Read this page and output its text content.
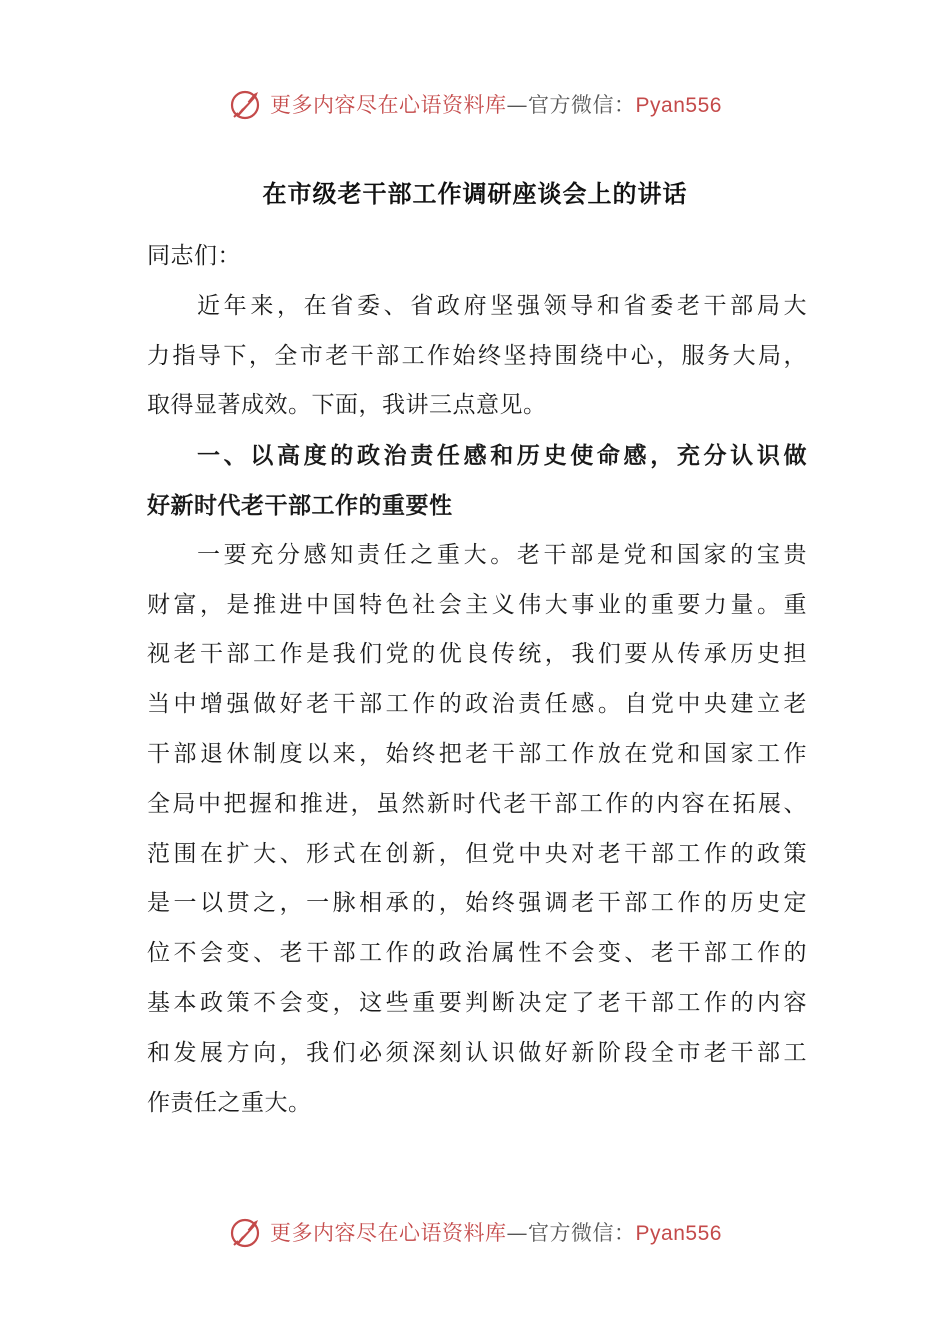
更多内容尽在心语资料库—官方微信：Pyan556
在市级老干部工作调研座谈会上的讲话
同志们：
近年来，在省委、省政府坚强领导和省委老干部局大
力指导下，全市老干部工作始终坚持围绕中心，服务大局，
取得显著成效。下面，我讲三点意见。
一、以高度的政治责任感和历史使命感，充分认识做
好新时代老干部工作的重要性
一要充分感知责任之重大。老干部是党和国家的宝贵
财富，是推进中国特色社会主义伟大事业的重要力量。重
视老干部工作是我们党的优良传统，我们要从传承历史担
当中增强做好老干部工作的政治责任感。自党中央建立老
干部退休制度以来，始终把老干部工作放在党和国家工作
全局中把握和推进，虽然新时代老干部工作的内容在拓展、
范围在扩大、形式在创新，但党中央对老干部工作的政策
是一以贯之，一脉相承的，始终强调老干部工作的历史定
位不会变、老干部工作的政治属性不会变、老干部工作的
基本政策不会变，这些重要判断决定了老干部工作的内容
和发展方向，我们必须深刻认识做好新阶段全市老干部工
作责任之重大。
更多内容尽在心语资料库—官方微信：Pyan556
